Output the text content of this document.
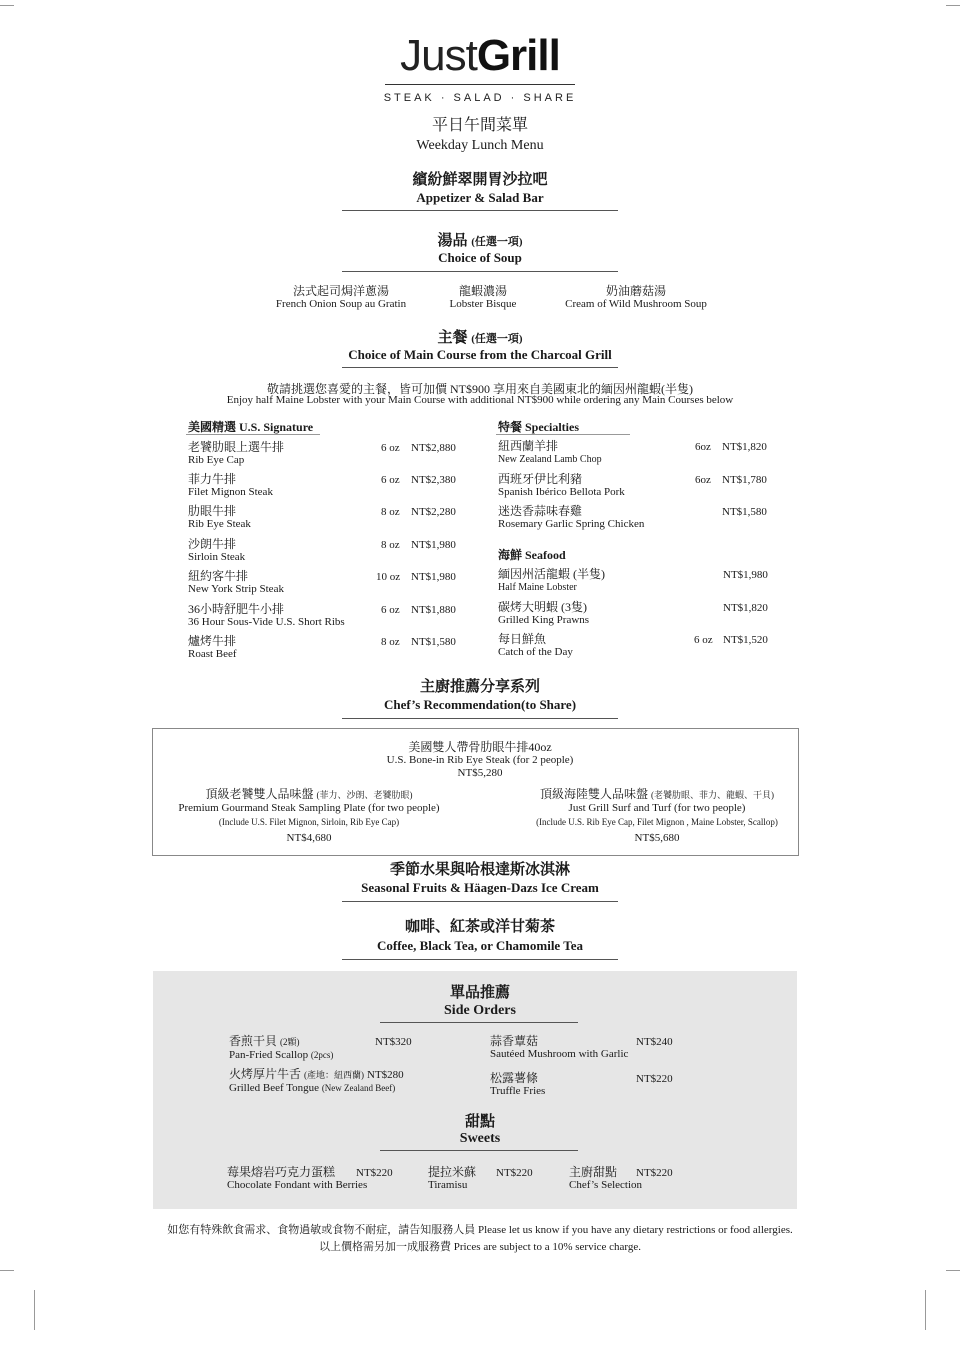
JustGrill
STEAK · SALAD · SHARE
平日午間菜單
Weekday Lunch Menu
繽紛鮮翠開胃沙拉吧
Appetizer & Salad Bar
湯品 (任選一項)
Choice of Soup
法式起司焗洋蔥湯
French Onion Soup au Gratin
龍蝦濃湯
Lobster Bisque
奶油蘑菇湯
Cream of Wild Mushroom Soup
主餐 (任選一項)
Choice of Main Course from the Charcoal Grill
敬請挑選您喜愛的主餐，皆可加價 NT$900 享用來自美國東北的緬因州龍蝦(半隻)
Enjoy half Maine Lobster with your Main Course with additional NT$900 while ordering any Main Courses below
美國精選 U.S. Signature
老饕肋眼上選牛排
Rib Eye Cap
6 oz NT$2,880
菲力牛排
Filet Mignon Steak
6 oz NT$2,380
肋眼牛排
Rib Eye Steak
8 oz NT$2,280
沙朗牛排
Sirloin Steak
8 oz NT$1,980
紐約客牛排
New York Strip Steak
10 oz NT$1,980
36小時舒肥牛小排
36 Hour Sous-Vide U.S. Short Ribs
6 oz NT$1,880
爐烤牛排
Roast Beef
8 oz NT$1,580
特餐 Specialties
紐西蘭羊排
New Zealand Lamb Chop
6oz NT$1,820
西班牙伊比利豬
Spanish Ibérico Bellota Pork
6oz NT$1,780
迷迭香蒜味春雞
Rosemary Garlic Spring Chicken
NT$1,580
海鮮 Seafood
緬因州活龍蝦 (半隻)
Half Maine Lobster
NT$1,980
碳烤大明蝦 (3隻)
Grilled King Prawns
NT$1,820
每日鮮魚
Catch of the Day
6 oz NT$1,520
主廚推薦分享系列
Chef’s Recommendation(to Share)
美國雙人帶骨肋眼牛排40oz
U.S. Bone-in Rib Eye Steak (for 2 people)
NT$5,280
頂級老饕雙人品味盤 (菲力、沙朗、老饕肋眼)
Premium Gourmand Steak Sampling Plate (for two people)
(Include U.S. Filet Mignon, Sirloin, Rib Eye Cap)
NT$4,680
頂級海陸雙人品味盤 (老饕肋眼、菲力、龍蝦、干貝)
Just Grill Surf and Turf (for two people)
(Include U.S. Rib Eye Cap, Filet Mignon , Maine Lobster, Scallop)
NT$5,680
季節水果與哈根達斯冰淇淋
Seasonal Fruits & Häagen-Dazs Ice Cream
咖啡、紅茶或洋甘菊茶
Coffee, Black Tea, or Chamomile Tea
單品推薦
Side Orders
香煎干貝 (2顆)
Pan-Fried Scallop (2pcs)
NT$320	蒜香蕈菇
Sautéed Mushroom with Garlic
NT$240
火烤厚片牛舌 (產地：紐西蘭) NT$280
Grilled Beef Tongue (New Zealand Beef)
松露薯條
Truffle Fries
NT$220
甜點
Sweets
莓果熔岩巧克力蛋糕
Chocolate Fondant with Berries
NT$220	提拉米蘇
Tiramisu
NT$220	主廚甜點
Chef’s Selection
NT$220
如您有特殊飲食需求、食物過敏或食物不耐症，請告知服務人員 Please let us know if you have any dietary restrictions or food allergies.
以上價格需另加一成服務費 Prices are subject to a 10% service charge.
